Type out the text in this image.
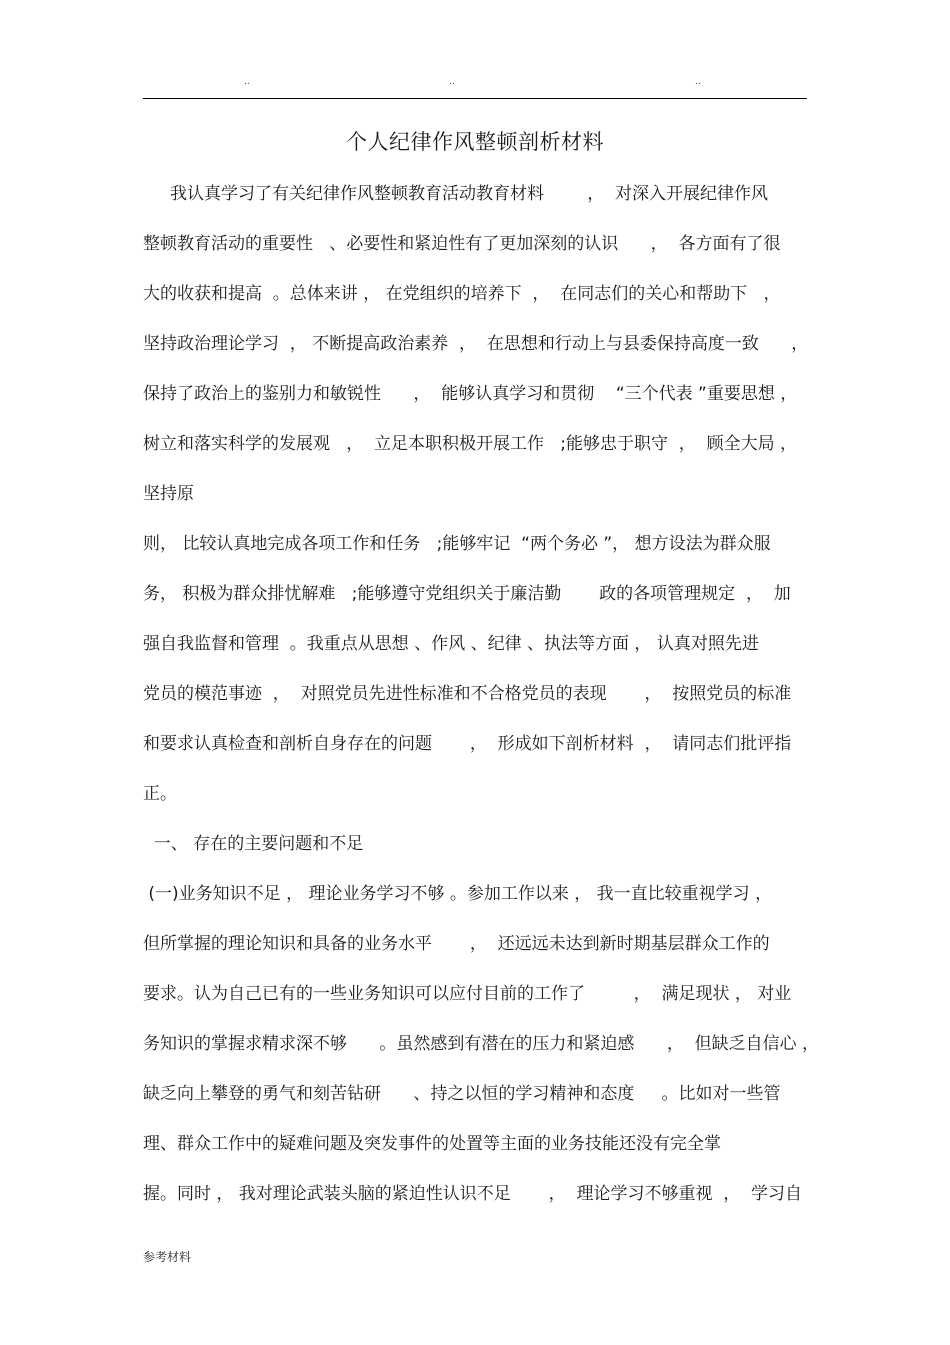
..	..	..
个人纪律作风整顿剖析材料
我认真学习了有关纪律作风整顿教育活动教育材料        ，  对深入开展纪律作风
整顿教育活动的重要性   、必要性和紧迫性有了更加深刻的认识      ，  各方面有了很
大的收获和提高  。总体来讲 ， 在党组织的培养下  ，  在同志们的关心和帮助下   ，
坚持政治理论学习  ， 不断提高政治素养  ，  在思想和行动上与县委保持高度一致      ，
保持了政治上的鉴别力和敏锐性      ，  能够认真学习和贯彻    “三个代表 ”重要思想 ，
树立和落实科学的发展观   ，  立足本职积极开展工作   ;能够忠于职守  ，  顾全大局 ，
坚持原
则， 比较认真地完成各项工作和任务   ;能够牢记  “两个务必 ”， 想方设法为群众服
务， 积极为群众排忧解难   ;能够遵守党组织关于廉洁勤       政的各项管理规定  ，  加
强自我监督和管理  。我重点从思想 、作风 、纪律 、执法等方面 ， 认真对照先进
党员的模范事迹  ，  对照党员先进性标准和不合格党员的表现       ，  按照党员的标准
和要求认真检查和剖析自身存在的问题       ，  形成如下剖析材料  ，  请同志们批评指
正。
一、 存在的主要问题和不足
(一)业务知识不足 ， 理论业务学习不够 。参加工作以来 ， 我一直比较重视学习 ，
但所掌握的理论知识和具备的业务水平       ，  还远远未达到新时期基层群众工作的
要求。认为自己已有的一些业务知识可以应付目前的工作了         ，  满足现状 ， 对业
务知识的掌握求精求深不够      。虽然感到有潜在的压力和紧迫感      ，  但缺乏自信心 ，
缺乏向上攀登的勇气和刻苦钻研      、持之以恒的学习精神和态度     。比如对一些管
理、群众工作中的疑难问题及突发事件的处置等主面的业务技能还没有完全掌
握。同时 ， 我对理论武装头脑的紧迫性认识不足       ，  理论学习不够重视  ，  学习自
参考材料
